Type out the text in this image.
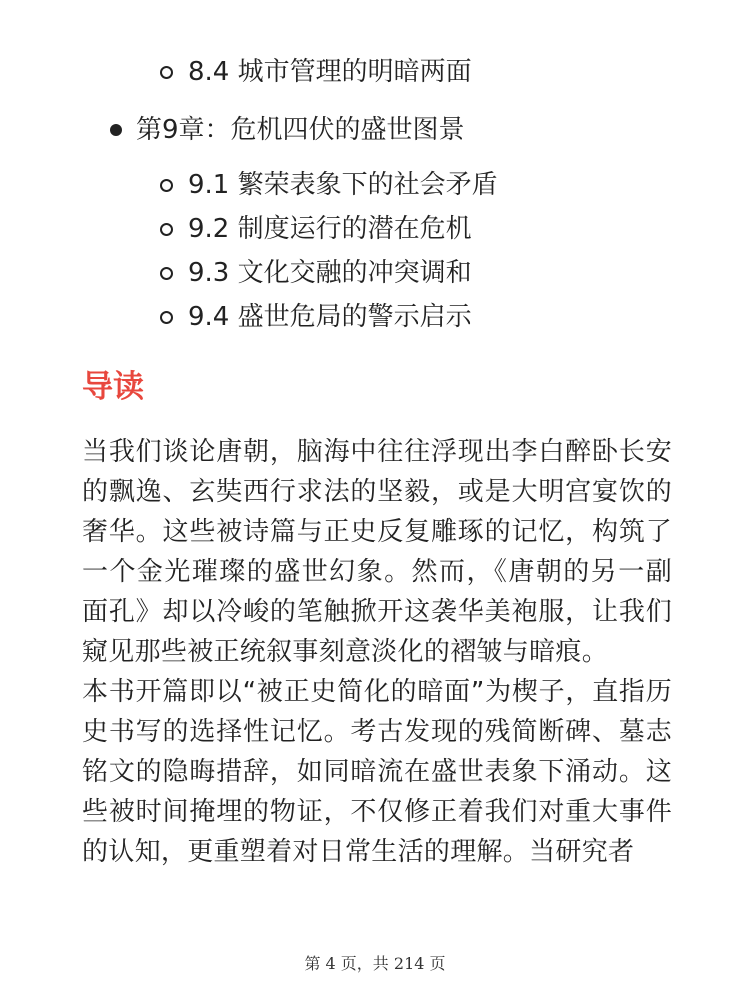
8.4 城市管理的明暗两面
第9章：危机四伏的盛世图景
9.1 繁荣表象下的社会矛盾
9.2 制度运行的潜在危机
9.3 文化交融的冲突调和
9.4 盛世危局的警示启示
导读

当我们谈论唐朝，脑海中往往浮现出李白醉卧长安的飘逸、玄奘西行求法的坚毅，或是大明宫宴饮的奢华。这些被诗篇与正史反复雕琢的记忆，构筑了一个金光璀璨的盛世幻象。然而，《唐朝的另一副面孔》却以冷峻的笔触掀开这袭华美袍服，让我们窥见那些被正统叙事刻意淡化的褶皱与暗痕。

本书开篇即以“被正史简化的暗面”为楔子，直指历史书写的选择性记忆。考古发现的残简断碑、墓志铭文的隐晦措辞，如同暗流在盛世表象下涌动。这些被时间掩埋的物证，不仅修正着我们对重大事件的认知，更重塑着对日常生活的理解。当研究者

第 4 页，共 214 页
